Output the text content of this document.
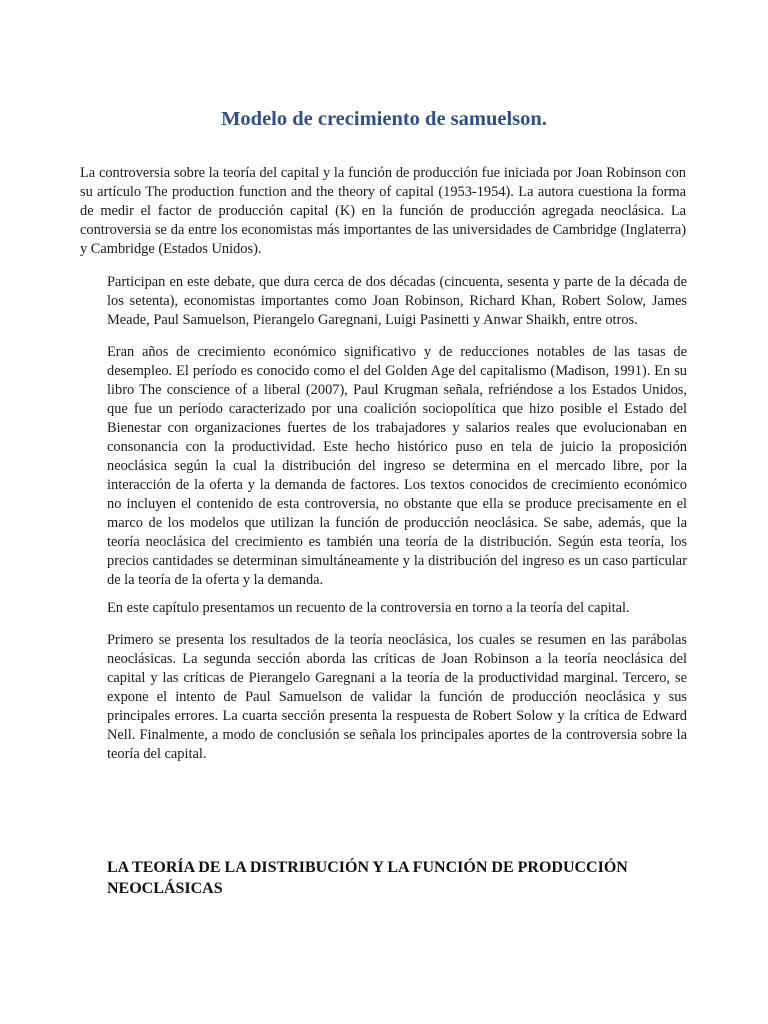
Modelo de crecimiento de samuelson.

La controversia sobre la teoría del capital y la función de producción fue iniciada por Joan Robinson con su artículo The production function and the theory of capital (1953-1954). La autora cuestiona la forma de medir el factor de producción capital (K) en la función de producción agregada neoclásica. La controversia se da entre los economistas más importantes de las universidades de Cambridge (Inglaterra) y Cambridge (Estados Unidos).

Participan en este debate, que dura cerca de dos décadas (cincuenta, sesenta y parte de la década de los setenta), economistas importantes como Joan Robinson, Richard Khan, Robert Solow, James Meade, Paul Samuelson, Pierangelo Garegnani, Luigi Pasinetti y Anwar Shaikh, entre otros.

Eran años de crecimiento económico significativo y de reducciones notables de las tasas de desempleo. El período es conocido como el del Golden Age del capitalismo (Madison, 1991). En su libro The conscience of a liberal (2007), Paul Krugman señala, refriéndose a los Estados Unidos, que fue un período caracterizado por una coalición sociopolítica que hizo posible el Estado del Bienestar con organizaciones fuertes de los trabajadores y salarios reales que evolucionaban en consonancia con la productividad. Este hecho histórico puso en tela de juicio la proposición neoclásica según la cual la distribución del ingreso se determina en el mercado libre, por la interacción de la oferta y la demanda de factores. Los textos conocidos de crecimiento económico no incluyen el contenido de esta controversia, no obstante que ella se produce precisamente en el marco de los modelos que utilizan la función de producción neoclásica. Se sabe, además, que la teoría neoclásica del crecimiento es también una teoría de la distribución. Según esta teoría, los precios cantidades se determinan simultáneamente y la distribución del ingreso es un caso particular de la teoría de la oferta y la demanda.

En este capítulo presentamos un recuento de la controversia en torno a la teoría del capital.

Primero se presenta los resultados de la teoría neoclásica, los cuales se resumen en las parábolas neoclásicas. La segunda sección aborda las críticas de Joan Robinson a la teoría neoclásica del capital y las críticas de Pierangelo Garegnani a la teoría de la productividad marginal. Tercero, se expone el intento de Paul Samuelson de validar la función de producción neoclásica y sus principales errores. La cuarta sección presenta la respuesta de Robert Solow y la crítica de Edward Nell. Finalmente, a modo de conclusión se señala los principales aportes de la controversia sobre la teoría del capital.

LA TEORÍA DE LA DISTRIBUCIÓN Y LA FUNCIÓN DE PRODUCCIÓN NEOCLÁSICAS
